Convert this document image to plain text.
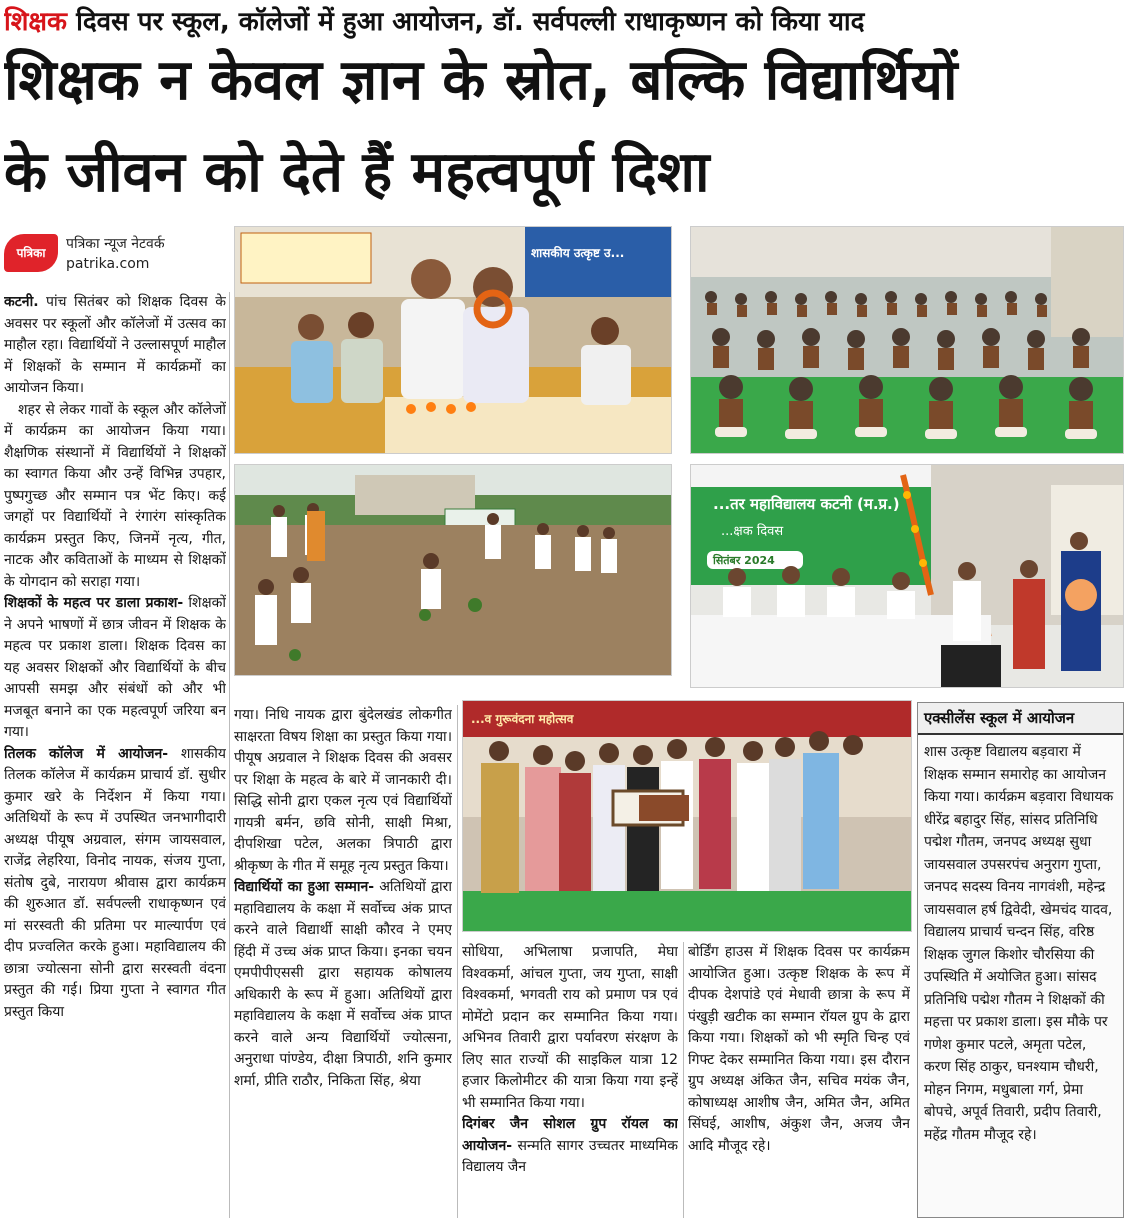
शिक्षक दिवस पर स्कूल, कॉलेजों में हुआ आयोजन, डॉ. सर्वपल्ली राधाकृष्णन को किया याद
शिक्षक न केवल ज्ञान के स्रोत, बल्कि विद्यार्थियों
के जीवन को देते हैं महत्वपूर्ण दिशा
पत्रिका
पत्रिका न्यूज नेटवर्क
patrika.com

कटनी. पांच सितंबर को शिक्षक दिवस के अवसर पर स्कूलों और कॉलेजों में उत्सव का माहौल रहा। विद्यार्थियों ने उल्लासपूर्ण माहौल में शिक्षकों के सम्मान में कार्यक्रमों का आयोजन किया।

शहर से लेकर गावों के स्कूल और कॉलेजों में कार्यक्रम का आयोजन किया गया। शैक्षणिक संस्थानों में विद्यार्थियों ने शिक्षकों का स्वागत किया और उन्हें विभिन्न उपहार, पुष्पगुच्छ और सम्मान पत्र भेंट किए। कई जगहों पर विद्यार्थियों ने रंगारंग सांस्कृतिक कार्यक्रम प्रस्तुत किए, जिनमें नृत्य, गीत, नाटक और कविताओं के माध्यम से शिक्षकों के योगदान को सराहा गया।

शिक्षकों के महत्व पर डाला प्रकाश- शिक्षकों ने अपने भाषणों में छात्र जीवन में शिक्षक के महत्व पर प्रकाश डाला। शिक्षक दिवस का यह अवसर शिक्षकों और विद्यार्थियों के बीच आपसी समझ और संबंधों को और भी मजबूत बनाने का एक महत्वपूर्ण जरिया बन गया।

तिलक कॉलेज में आयोजन- शासकीय तिलक कॉलेज में कार्यक्रम प्राचार्य डॉ. सुधीर कुमार खरे के निर्देशन में किया गया। अतिथियों के रूप में उपस्थित जनभागीदारी अध्यक्ष पीयूष अग्रवाल, संगम जायसवाल, राजेंद्र लेहरिया, विनोद नायक, संजय गुप्ता, संतोष दुबे, नारायण श्रीवास द्वारा कार्यक्रम की शुरुआत डॉ. सर्वपल्ली राधाकृष्णन एवं मां सरस्वती की प्रतिमा पर माल्यार्पण एवं दीप प्रज्वलित करके हुआ। महाविद्यालय की छात्रा ज्योत्सना सोनी द्वारा सरस्वती वंदना प्रस्तुत की गई। प्रिया गुप्ता ने स्वागत गीत प्रस्तुत किया

शासकीय उत्कृष्ट उ...
...तर महाविद्यालय कटनी (म.प्र.)
...क्षक दिवस
सितंबर 2024

गया। निधि नायक द्वारा बुंदेलखंड लोकगीत साक्षरता विषय शिक्षा का प्रस्तुत किया गया। पीयूष अग्रवाल ने शिक्षक दिवस की अवसर पर शिक्षा के महत्व के बारे में जानकारी दी। सिद्धि सोनी द्वारा एकल नृत्य एवं विद्यार्थियों गायत्री बर्मन, छवि सोनी, साक्षी मिश्रा, दीपशिखा पटेल, अलका त्रिपाठी द्वारा श्रीकृष्ण के गीत में समूह नृत्य प्रस्तुत किया।

विद्यार्थियों का हुआ सम्मान- अतिथियों द्वारा महाविद्यालय के कक्षा में सर्वोच्च अंक प्राप्त करने वाले विद्यार्थी साक्षी कौरव ने एमए हिंदी में उच्च अंक प्राप्त किया। इनका चयन एमपीपीएससी द्वारा सहायक कोषालय अधिकारी के रूप में हुआ। अतिथियों द्वारा महाविद्यालय के कक्षा में सर्वोच्च अंक प्राप्त करने वाले अन्य विद्यार्थियों ज्योत्सना, अनुराधा पांण्डेय, दीक्षा त्रिपाठी, शनि कुमार शर्मा, प्रीति राठौर, निकिता सिंह, श्रेया

...व गुरूवंदना महोत्सव

सोधिया, अभिलाषा प्रजापति, मेघा विश्वकर्मा, आंचल गुप्ता, जय गुप्ता, साक्षी विश्वकर्मा, भगवती राय को प्रमाण पत्र एवं मोमेंटो प्रदान कर सम्मानित किया गया। अभिनव तिवारी द्वारा पर्यावरण संरक्षण के लिए सात राज्यों की साइकिल यात्रा 12 हजार किलोमीटर की यात्रा किया गया इन्हें भी सम्मानित किया गया।

दिगंबर जैन सोशल ग्रुप रॉयल का आयोजन- सन्मति सागर उच्चतर माध्यमिक विद्यालय जैन

बोर्डिंग हाउस में शिक्षक दिवस पर कार्यक्रम आयोजित हुआ। उत्कृष्ट शिक्षक के रूप में दीपक देशपांडे एवं मेधावी छात्रा के रूप में पंखुड़ी खटीक का सम्मान रॉयल ग्रुप के द्वारा किया गया। शिक्षकों को भी स्मृति चिन्ह एवं गिफ्ट देकर सम्मानित किया गया। इस दौरान ग्रुप अध्यक्ष अंकित जैन, सचिव मयंक जैन, कोषाध्यक्ष आशीष जैन, अमित जैन, अमित सिंघई, आशीष, अंकुश जैन, अजय जैन आदि मौजूद रहे।

एक्सीलेंस स्कूल में आयोजन
शास उत्कृष्ट विद्यालय बड़वारा में शिक्षक सम्मान समारोह का आयोजन किया गया। कार्यक्रम बड़वारा विधायक धीरेंद्र बहादुर सिंह, सांसद प्रतिनिधि पद्मेश गौतम, जनपद अध्यक्ष सुधा जायसवाल उपसरपंच अनुराग गुप्ता, जनपद सदस्य विनय नागवंशी, महेन्द्र जायसवाल हर्ष द्विवेदी, खेमचंद यादव, विद्यालय प्राचार्य चन्दन सिंह, वरिष्ठ शिक्षक जुगल किशोर चौरसिया की उपस्थिति में अयोजित हुआ। सांसद प्रतिनिधि पद्मेश गौतम ने शिक्षकों की महत्ता पर प्रकाश डाला। इस मौके पर गणेश कुमार पटले, अमृता पटेल, करण सिंह ठाकुर, घनश्याम चौधरी, मोहन निगम, मधुबाला गर्ग, प्रेमा बोपचे, अपूर्व तिवारी, प्रदीप तिवारी, महेंद्र गौतम मौजूद रहे।
